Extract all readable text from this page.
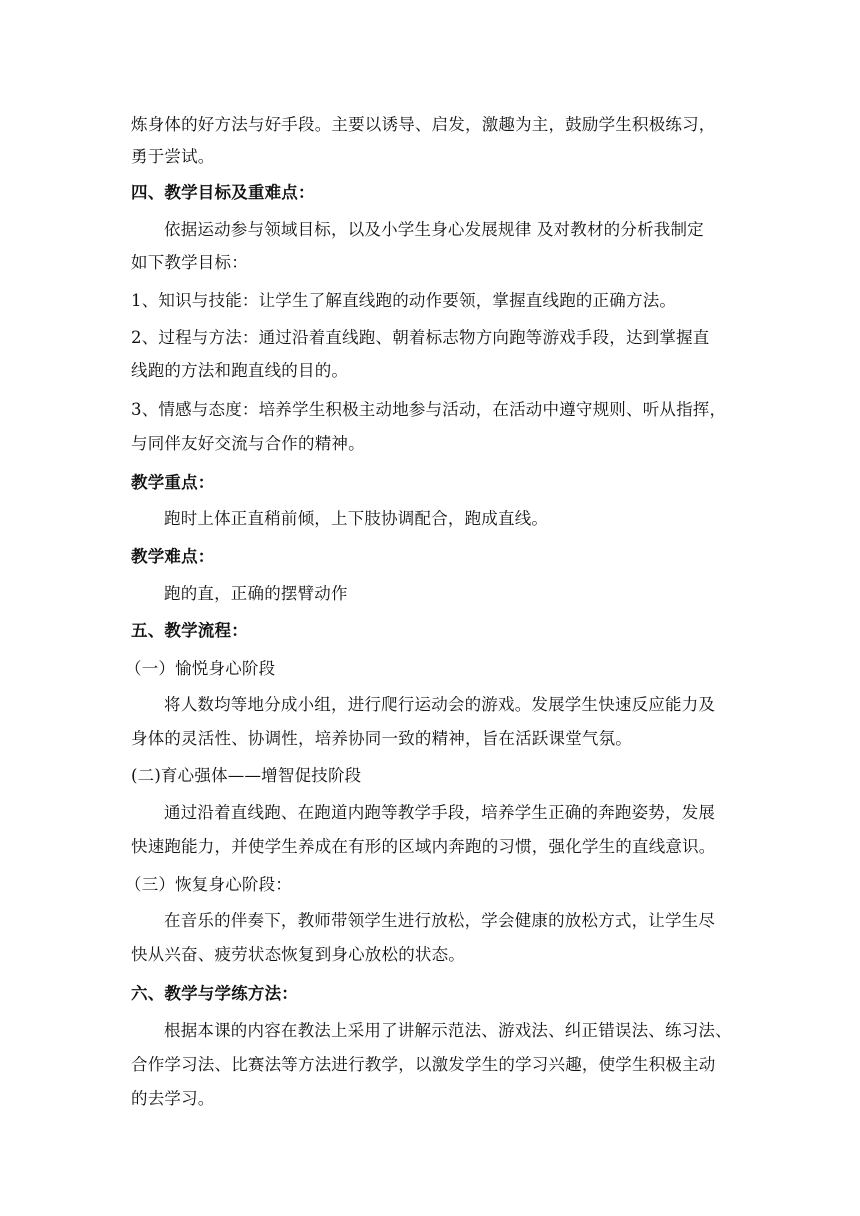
炼身体的好方法与好手段。主要以诱导、启发，激趣为主，鼓励学生积极练习，
勇于尝试。
四、教学目标及重难点：
依据运动参与领域目标，以及小学生身心发展规律 及对教材的分析我制定
如下教学目标：
1、知识与技能：让学生了解直线跑的动作要领，掌握直线跑的正确方法。
2、过程与方法：通过沿着直线跑、朝着标志物方向跑等游戏手段，达到掌握直
线跑的方法和跑直线的目的。
3、情感与态度：培养学生积极主动地参与活动，在活动中遵守规则、听从指挥，
与同伴友好交流与合作的精神。
教学重点：
跑时上体正直稍前倾，上下肢协调配合，跑成直线。
教学难点：
跑的直，正确的摆臂动作
五、教学流程：
（一）愉悦身心阶段
将人数均等地分成小组，进行爬行运动会的游戏。发展学生快速反应能力及
身体的灵活性、协调性，培养协同一致的精神，旨在活跃课堂气氛。
(二)育心强体——增智促技阶段
通过沿着直线跑、在跑道内跑等教学手段，培养学生正确的奔跑姿势，发展
快速跑能力，并使学生养成在有形的区域内奔跑的习惯，强化学生的直线意识。
（三）恢复身心阶段：
在音乐的伴奏下，教师带领学生进行放松，学会健康的放松方式，让学生尽
快从兴奋、疲劳状态恢复到身心放松的状态。
六、教学与学练方法：
根据本课的内容在教法上采用了讲解示范法、游戏法、纠正错误法、练习法、
合作学习法、比赛法等方法进行教学，以激发学生的学习兴趣，使学生积极主动
的去学习。
